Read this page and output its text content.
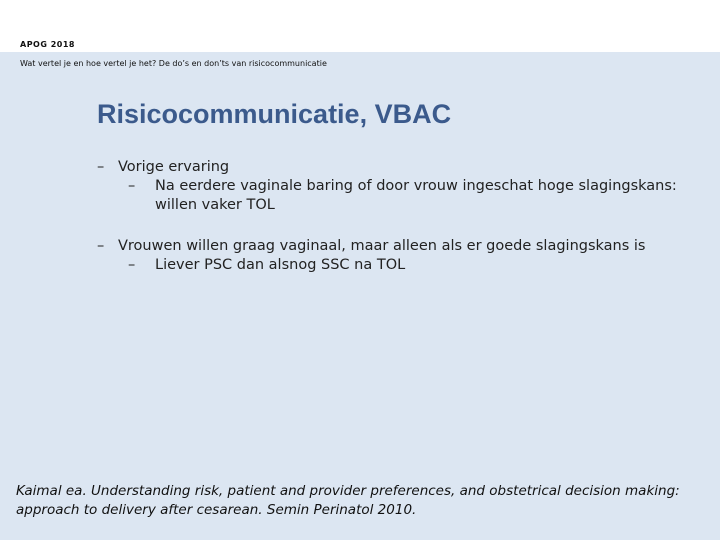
APOG 2018
Wat vertel je en hoe vertel je het? De do’s en don’ts van risicocommunicatie
Risicocommunicatie, VBAC
– Vorige ervaring
– Na eerdere vaginale baring of door vrouw ingeschat hoge slagingskans: willen vaker TOL
– Vrouwen willen graag vaginaal, maar alleen als er goede slagingskans is
– Liever PSC dan alsnog SSC na TOL
Kaimal ea. Understanding risk, patient and provider preferences, and obstetrical decision making: approach to delivery after cesarean. Semin Perinatol 2010.
